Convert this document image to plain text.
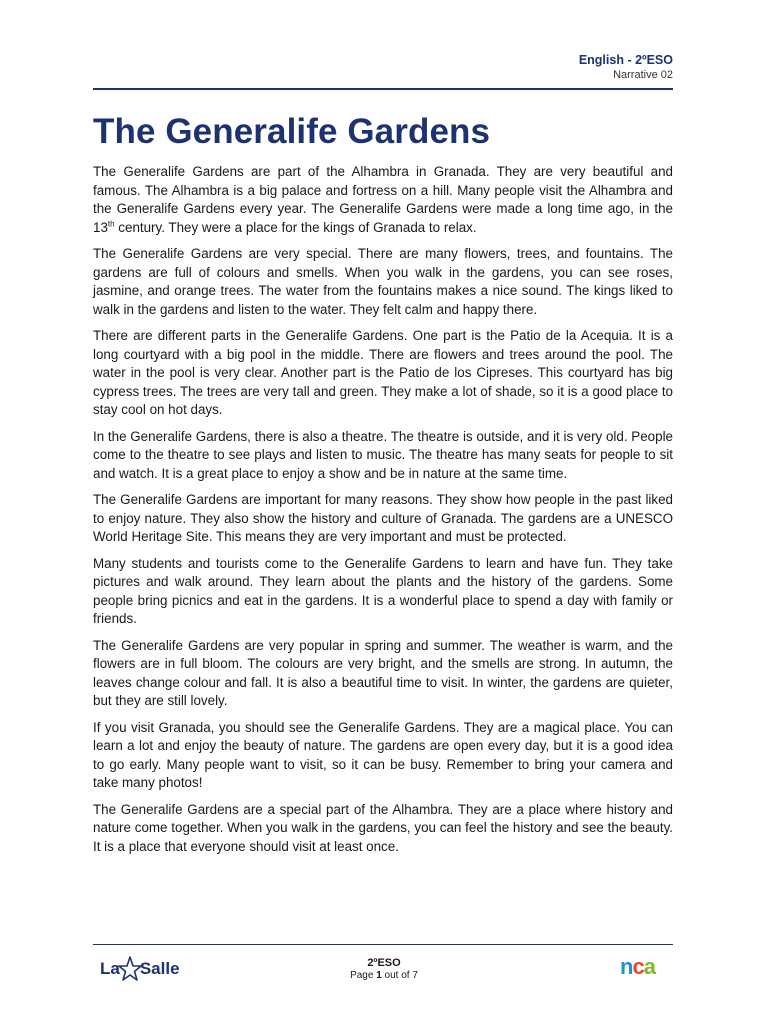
English - 2ºESO
Narrative 02
The Generalife Gardens

The Generalife Gardens are part of the Alhambra in Granada. They are very beautiful and famous. The Alhambra is a big palace and fortress on a hill. Many people visit the Alhambra and the Generalife Gardens every year. The Generalife Gardens were made a long time ago, in the 13th century. They were a place for the kings of Granada to relax.

The Generalife Gardens are very special. There are many flowers, trees, and fountains. The gardens are full of colours and smells. When you walk in the gardens, you can see roses, jasmine, and orange trees. The water from the fountains makes a nice sound. The kings liked to walk in the gardens and listen to the water. They felt calm and happy there.

There are different parts in the Generalife Gardens. One part is the Patio de la Acequia. It is a long courtyard with a big pool in the middle. There are flowers and trees around the pool. The water in the pool is very clear. Another part is the Patio de los Cipreses. This courtyard has big cypress trees. The trees are very tall and green. They make a lot of shade, so it is a good place to stay cool on hot days.

In the Generalife Gardens, there is also a theatre. The theatre is outside, and it is very old. People come to the theatre to see plays and listen to music. The theatre has many seats for people to sit and watch. It is a great place to enjoy a show and be in nature at the same time.

The Generalife Gardens are important for many reasons. They show how people in the past liked to enjoy nature. They also show the history and culture of Granada. The gardens are a UNESCO World Heritage Site. This means they are very important and must be protected.

Many students and tourists come to the Generalife Gardens to learn and have fun. They take pictures and walk around. They learn about the plants and the history of the gardens. Some people bring picnics and eat in the gardens. It is a wonderful place to spend a day with family or friends.

The Generalife Gardens are very popular in spring and summer. The weather is warm, and the flowers are in full bloom. The colours are very bright, and the smells are strong. In autumn, the leaves change colour and fall. It is also a beautiful time to visit. In winter, the gardens are quieter, but they are still lovely.

If you visit Granada, you should see the Generalife Gardens. They are a magical place. You can learn a lot and enjoy the beauty of nature. The gardens are open every day, but it is a good idea to go early. Many people want to visit, so it can be busy. Remember to bring your camera and take many photos!

The Generalife Gardens are a special part of the Alhambra. They are a place where history and nature come together. When you walk in the gardens, you can feel the history and see the beauty. It is a place that everyone should visit at least once.

La Salle	2ºESO
Page 1 out of 7	nca
